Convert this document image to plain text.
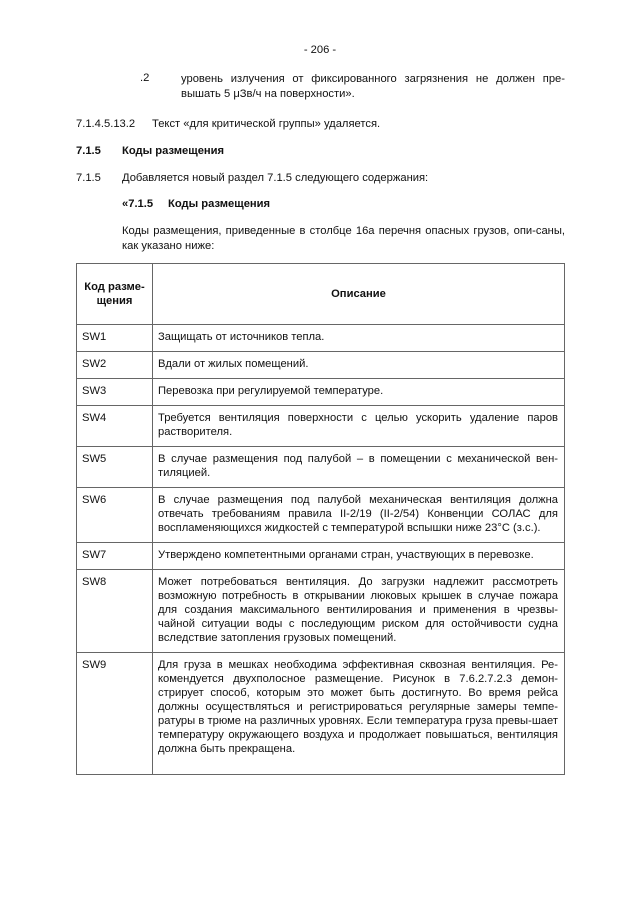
- 206 -
.2	уровень излучения от фиксированного загрязнения не должен пре-вышать 5 μЗв/ч на поверхности».
7.1.4.5.13.2 Текст «для критической группы» удаляется.
7.1.5 Коды размещения
7.1.5 Добавляется новый раздел 7.1.5 следующего содержания:
«7.1.5 Коды размещения
Коды размещения, приведенные в столбце 16а перечня опасных грузов, опи-саны, как указано ниже:
Код разме-щения	Описание
SW1	Защищать от источников тепла.
SW2	Вдали от жилых помещений.
SW3	Перевозка при регулируемой температуре.
SW4	Требуется вентиляция поверхности с целью ускорить удаление паров растворителя.
SW5	В случае размещения под палубой – в помещении с механической вен-тиляцией.
SW6	В случае размещения под палубой механическая вентиляция должна отвечать требованиям правила II-2/19 (II-2/54) Конвенции СОЛАС для воспламеняющихся жидкостей с температурой вспышки ниже 23°С (з.с.).
SW7	Утверждено компетентными органами стран, участвующих в перевозке.
SW8	Может потребоваться вентиляция. До загрузки надлежит рассмотреть возможную потребность в открывании люковых крышек в случае пожара для создания максимального вентилирования и применения в чрезвы-чайной ситуации воды с последующим риском для остойчивости судна вследствие затопления грузовых помещений.
SW9	Для груза в мешках необходима эффективная сквозная вентиляция. Ре-комендуется двухполосное размещение. Рисунок в 7.6.2.7.2.3 демон-стрирует способ, которым это может быть достигнуто. Во время рейса должны осуществляться и регистрироваться регулярные замеры темпе-ратуры в трюме на различных уровнях. Если температура груза превы-шает температуру окружающего воздуха и продолжает повышаться, вентиляция должна быть прекращена.
